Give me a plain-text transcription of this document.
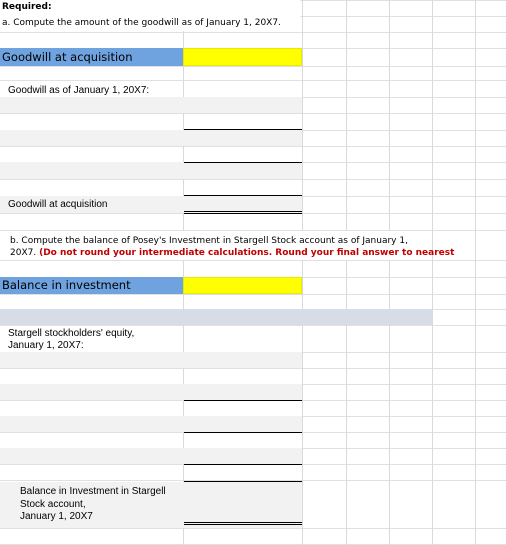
Required:
a. Compute the amount of the goodwill as of January 1, 20X7.
Goodwill at acquisition
Goodwill as of January 1, 20X7:
Goodwill at acquisition
b. Compute the balance of Posey's Investment in Stargell Stock account as of January 1,
20X7. (Do not round your intermediate calculations. Round your final answer to nearest
Balance in investment
Stargell stockholders' equity,
January 1, 20X7:
Balance in Investment in Stargell
Stock account,
January 1, 20X7
